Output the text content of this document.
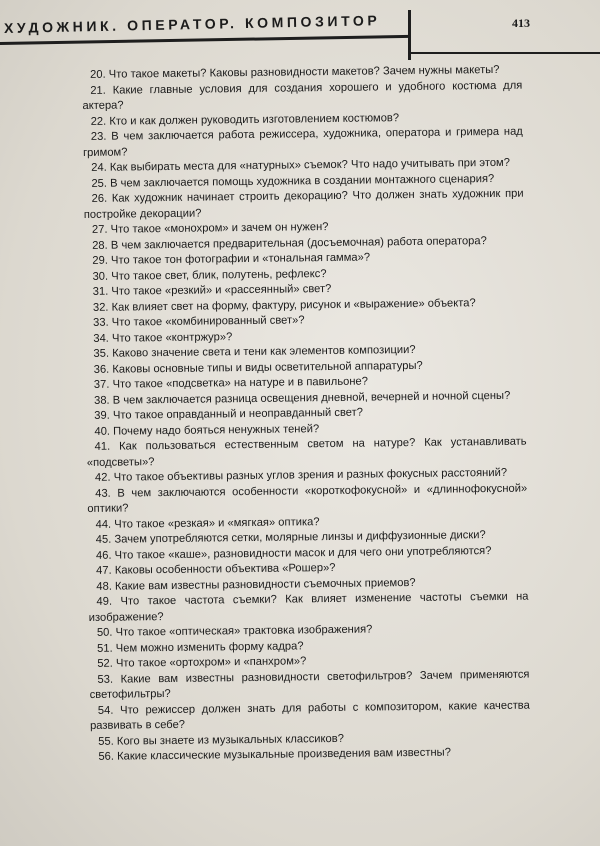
ХУДОЖНИК. ОПЕРАТОР. КОМПОЗИТОР	413
20. Что такое макеты? Каковы разновидности макетов? Зачем нужны макеты?
21. Какие главные условия для создания хорошего и удобного костюма для актера?
22. Кто и как должен руководить изготовлением костюмов?
23. В чем заключается работа режиссера, художника, оператора и гримера над гримом?
24. Как выбирать места для «натурных» съемок? Что надо учитывать при этом?
25. В чем заключается помощь художника в создании монтажного сценария?
26. Как художник начинает строить декорацию? Что должен знать художник при постройке декорации?
27. Что такое «монохром» и зачем он нужен?
28. В чем заключается предварительная (досъемочная) работа оператора?
29. Что такое тон фотографии и «тональная гамма»?
30. Что такое свет, блик, полутень, рефлекс?
31. Что такое «резкий» и «рассеянный» свет?
32. Как влияет свет на форму, фактуру, рисунок и «выражение» объекта?
33. Что такое «комбинированный свет»?
34. Что такое «контржур»?
35. Каково значение света и тени как элементов композиции?
36. Каковы основные типы и виды осветительной аппаратуры?
37. Что такое «подсветка» на натуре и в павильоне?
38. В чем заключается разница освещения дневной, вечерней и ночной сцены?
39. Что такое оправданный и неоправданный свет?
40. Почему надо бояться ненужных теней?
41. Как пользоваться естественным светом на натуре? Как устанавливать «подсветы»?
42. Что такое объективы разных углов зрения и разных фокусных расстояний?
43. В чем заключаются особенности «короткофокусной» и «длиннофокусной» оптики?
44. Что такое «резкая» и «мягкая» оптика?
45. Зачем употребляются сетки, молярные линзы и диффузионные диски?
46. Что такое «каше», разновидности масок и для чего они употребляются?
47. Каковы особенности объектива «Рошер»?
48. Какие вам известны разновидности съемочных приемов?
49. Что такое частота съемки? Как влияет изменение частоты съемки на изображение?
50. Что такое «оптическая» трактовка изображения?
51. Чем можно изменить форму кадра?
52. Что такое «ортохром» и «панхром»?
53. Какие вам известны разновидности светофильтров? Зачем применяются светофильтры?
54. Что режиссер должен знать для работы с композитором, какие качества развивать в себе?
55. Кого вы знаете из музыкальных классиков?
56. Какие классические музыкальные произведения вам известны?
